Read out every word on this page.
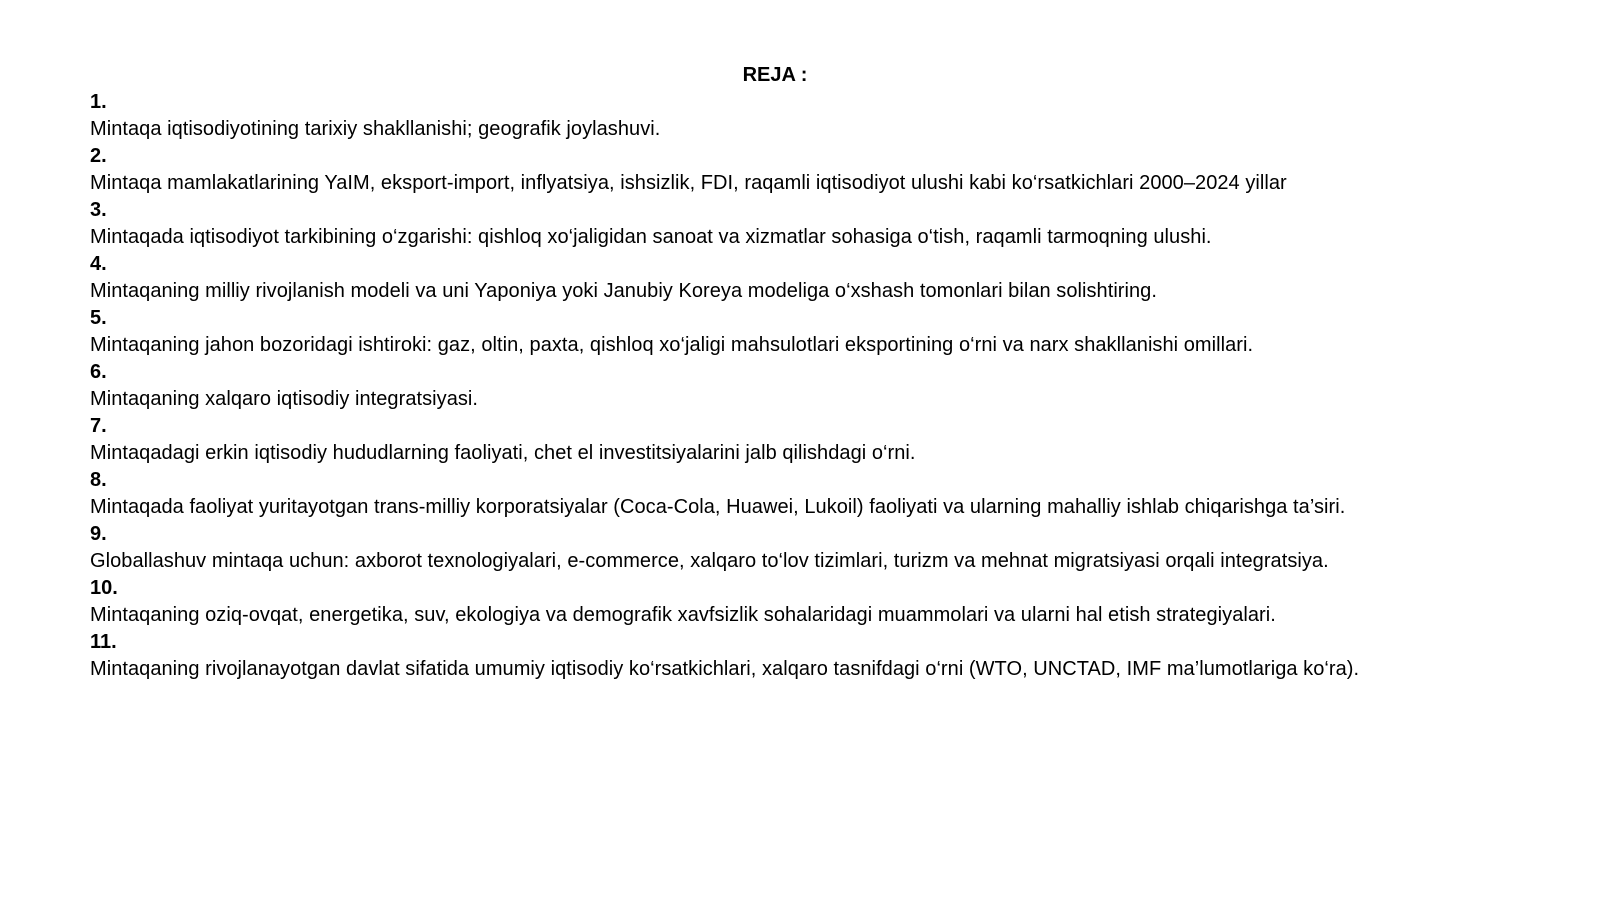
REJA :
1.
Mintaqa iqtisodiyotining tarixiy shakllanishi; geografik joylashuvi.
2.
Mintaqa mamlakatlarining YaIM, eksport-import, inflyatsiya, ishsizlik, FDI, raqamli iqtisodiyot ulushi kabi ko‘rsatkichlari 2000–2024 yillar
3.
Mintaqada iqtisodiyot tarkibining o‘zgarishi: qishloq xo‘jaligidan sanoat va xizmatlar sohasiga o‘tish, raqamli tarmoqning ulushi.
4.
Mintaqaning milliy rivojlanish modeli va uni Yaponiya yoki Janubiy Koreya modeliga o‘xshash tomonlari bilan solishtiring.
5.
Mintaqaning jahon bozoridagi ishtiroki: gaz, oltin, paxta, qishloq xo‘jaligi mahsulotlari eksportining o‘rni va narx shakllanishi omillari.
6.
Mintaqaning xalqaro iqtisodiy integratsiyasi.
7.
Mintaqadagi erkin iqtisodiy hududlarning faoliyati, chet el investitsiyalarini jalb qilishdagi o‘rni.
8.
Mintaqada faoliyat yuritayotgan trans-milliy korporatsiyalar (Coca-Cola, Huawei, Lukoil) faoliyati va ularning mahalliy ishlab chiqarishga ta’siri.
9.
Globallashuv mintaqa uchun: axborot texnologiyalari, e-commerce, xalqaro to‘lov tizimlari, turizm va mehnat migratsiyasi orqali integratsiya.
10.
Mintaqaning oziq-ovqat, energetika, suv, ekologiya va demografik xavfsizlik sohalaridagi muammolari va ularni hal etish strategiyalari.
11.
Mintaqaning rivojlanayotgan davlat sifatida umumiy iqtisodiy ko‘rsatkichlari, xalqaro tasnifdagi o‘rni (WTO, UNCTAD, IMF ma’lumotlariga ko‘ra).
